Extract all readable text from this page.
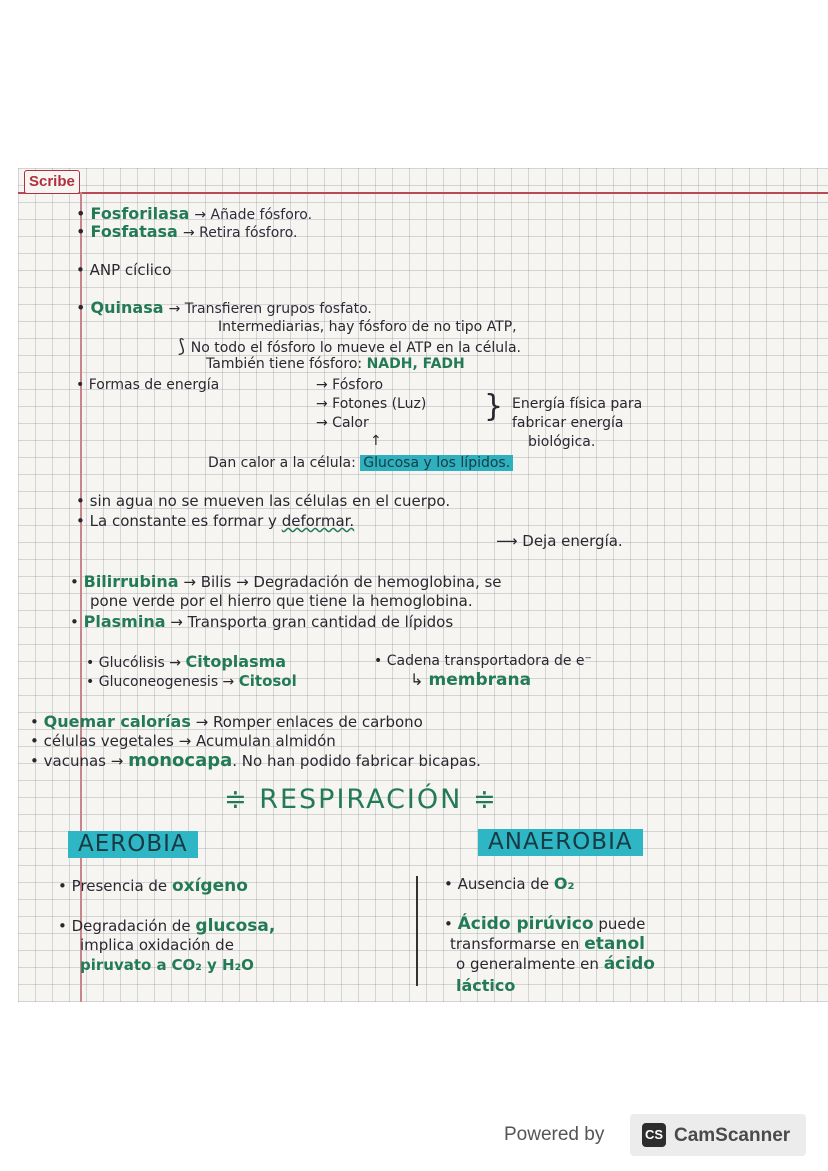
Scribe
• Fosforilasa → Añade fósforo.
• Fosfatasa → Retira fósforo.
• ANP cíclico
• Quinasa → Transfieren grupos fosfato.
Intermediarias, hay fósforo de no tipo ATP,
⟆ No todo el fósforo lo mueve el ATP en la célula.
También tiene fósforo: NADH, FADH
• Formas de energía	→ Fósforo
→ Fotones (Luz)
→ Calor	} Energía física para
fabricar energía
biológica.
↑
Dan calor a la célula: Glucosa y los lípidos.
• sin agua no se mueven las células en el cuerpo.
• La constante es formar y deformar.
⟶ Deja energía.
• Bilirrubina → Bilis → Degradación de hemoglobina, se
pone verde por el hierro que tiene la hemoglobina.
• Plasmina → Transporta gran cantidad de lípidos
• Glucólisis → Citoplasma	• Cadena transportadora de e⁻
• Gluconeogenesis → Citosol	↳ membrana
• Quemar calorías → Romper enlaces de carbono
• células vegetales → Acumulan almidón
• vacunas → monocapa. No han podido fabricar bicapas.
≑ RESPIRACIÓN ≑
AEROBIA	ANAEROBIA
• Presencia de oxígeno
• Degradación de glucosa,
implica oxidación de
piruvato a CO₂ y H₂O
• Ausencia de O₂
• Ácido pirúvico puede
transformarse en etanol
o generalmente en ácido
láctico
Powered by	CS CamScanner
